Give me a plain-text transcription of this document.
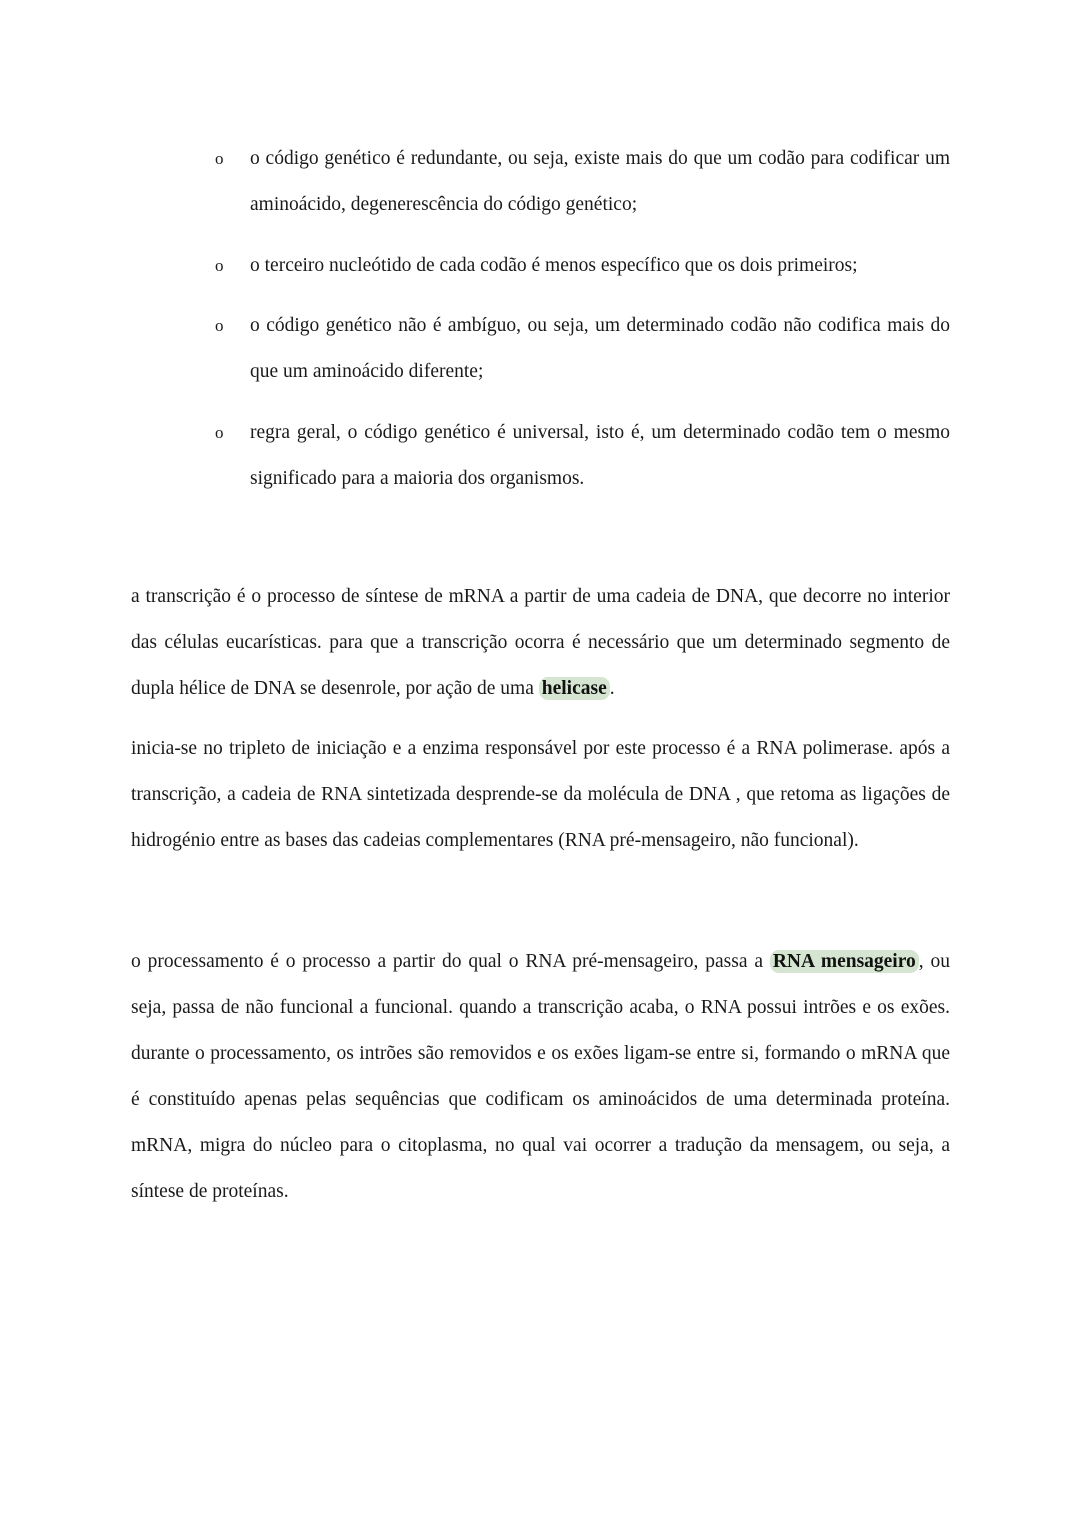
o o código genético é redundante, ou seja, existe mais do que um codão para codificar um aminoácido, degenerescência do código genético;
o o terceiro nucleótido de cada codão é menos específico que os dois primeiros;
o o código genético não é ambíguo, ou seja, um determinado codão não codifica mais do que um aminoácido diferente;
o regra geral, o código genético é universal, isto é, um determinado codão tem o mesmo significado para a maioria dos organismos.

a transcrição é o processo de síntese de mRNA a partir de uma cadeia de DNA, que decorre no interior das células eucarísticas. para que a transcrição ocorra é necessário que um determinado segmento de dupla hélice de DNA se desenrole, por ação de uma helicase .

inicia-se no tripleto de iniciação e a enzima responsável por este processo é a RNA polimerase. após a transcrição, a cadeia de RNA sintetizada desprende-se da molécula de DNA , que retoma as ligações de hidrogénio entre as bases das cadeias complementares (RNA pré-mensageiro, não funcional).

o processamento é o processo a partir do qual o RNA pré-mensageiro, passa a RNA mensageiro , ou seja, passa de não funcional a funcional. quando a transcrição acaba, o RNA possui intrões e os exões. durante o processamento, os intrões são removidos e os exões ligam-se entre si, formando o mRNA que é constituído apenas pelas sequências que codificam os aminoácidos de uma determinada proteína. mRNA, migra do núcleo para o citoplasma, no qual vai ocorrer a tradução da mensagem, ou seja, a síntese de proteínas.
